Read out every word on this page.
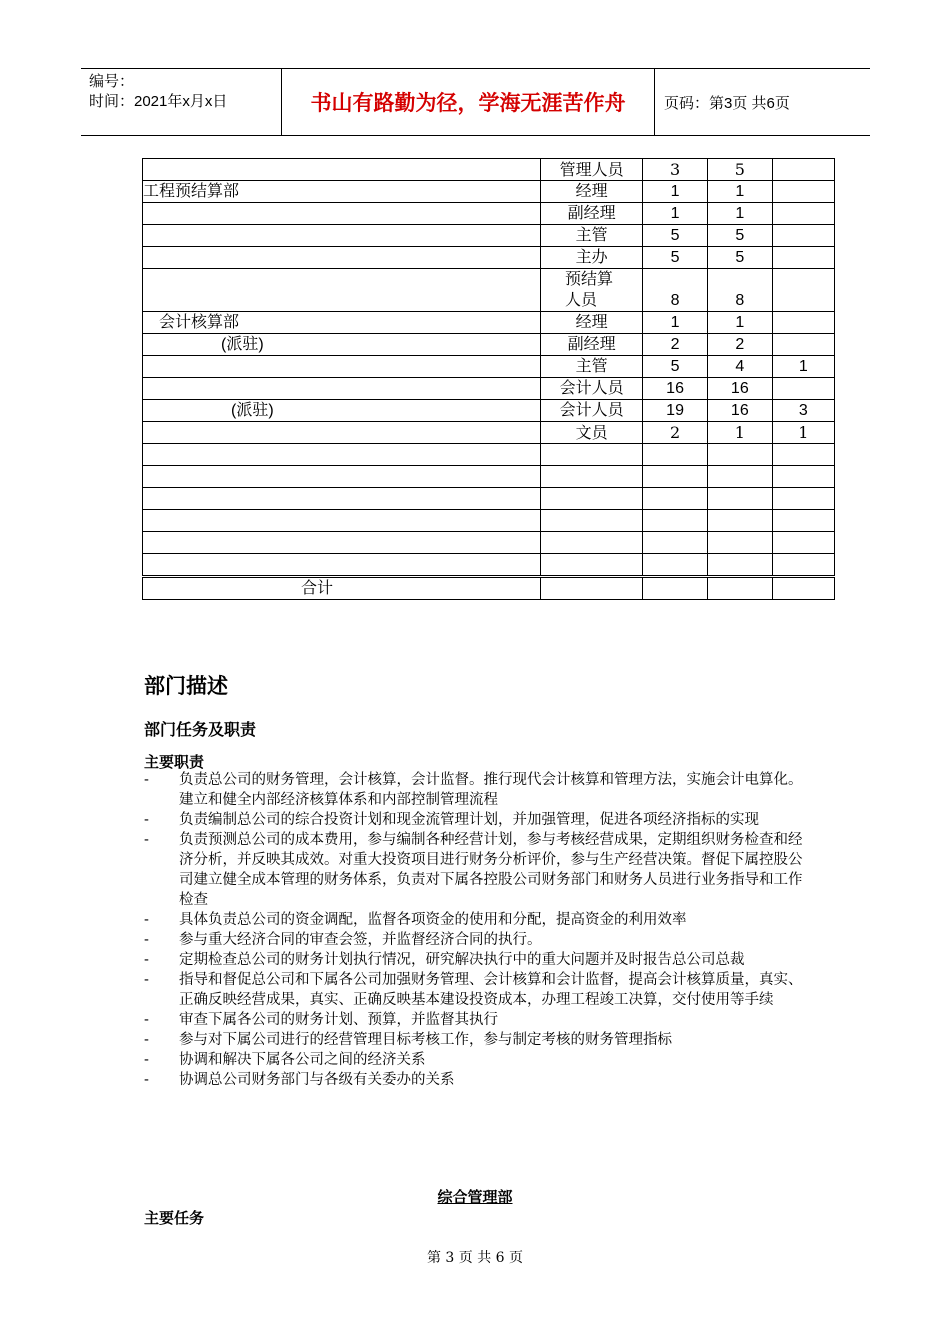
编号：
时间：2021年x月x日	书山有路勤为径，学海无涯苦作舟	页码：第3页 共6页
	管理人员	3	5	
工程预结算部	经理	1	1	
	副经理	1	1	
	主管	5	5	
	主办	5	5	
	预结算人员	8	8	
会计核算部	经理	1	1	
(派驻)	副经理	2	2	
	主管	5	4	1
	会计人员	16	16	
(派驻)	会计人员	19	16	3
	文员	2	1	1

合计				
部门描述
部门任务及职责
主要职责
- 负责总公司的财务管理，会计核算，会计监督。推行现代会计核算和管理方法，实施会计电算化。建立和健全内部经济核算体系和内部控制管理流程
- 负责编制总公司的综合投资计划和现金流管理计划，并加强管理，促进各项经济指标的实现
- 负责预测总公司的成本费用，参与编制各种经营计划，参与考核经营成果，定期组织财务检查和经济分析，并反映其成效。对重大投资项目进行财务分析评价，参与生产经营决策。督促下属控股公司建立健全成本管理的财务体系，负责对下属各控股公司财务部门和财务人员进行业务指导和工作检查
- 具体负责总公司的资金调配，监督各项资金的使用和分配，提高资金的利用效率
- 参与重大经济合同的审查会签，并监督经济合同的执行。
- 定期检查总公司的财务计划执行情况，研究解决执行中的重大问题并及时报告总公司总裁
- 指导和督促总公司和下属各公司加强财务管理、会计核算和会计监督，提高会计核算质量，真实、正确反映经营成果，真实、正确反映基本建设投资成本，办理工程竣工决算，交付使用等手续
- 审查下属各公司的财务计划、预算，并监督其执行
- 参与对下属公司进行的经营管理目标考核工作，参与制定考核的财务管理指标
- 协调和解决下属各公司之间的经济关系
- 协调总公司财务部门与各级有关委办的关系
综合管理部
主要任务
第 3 页 共 6 页
